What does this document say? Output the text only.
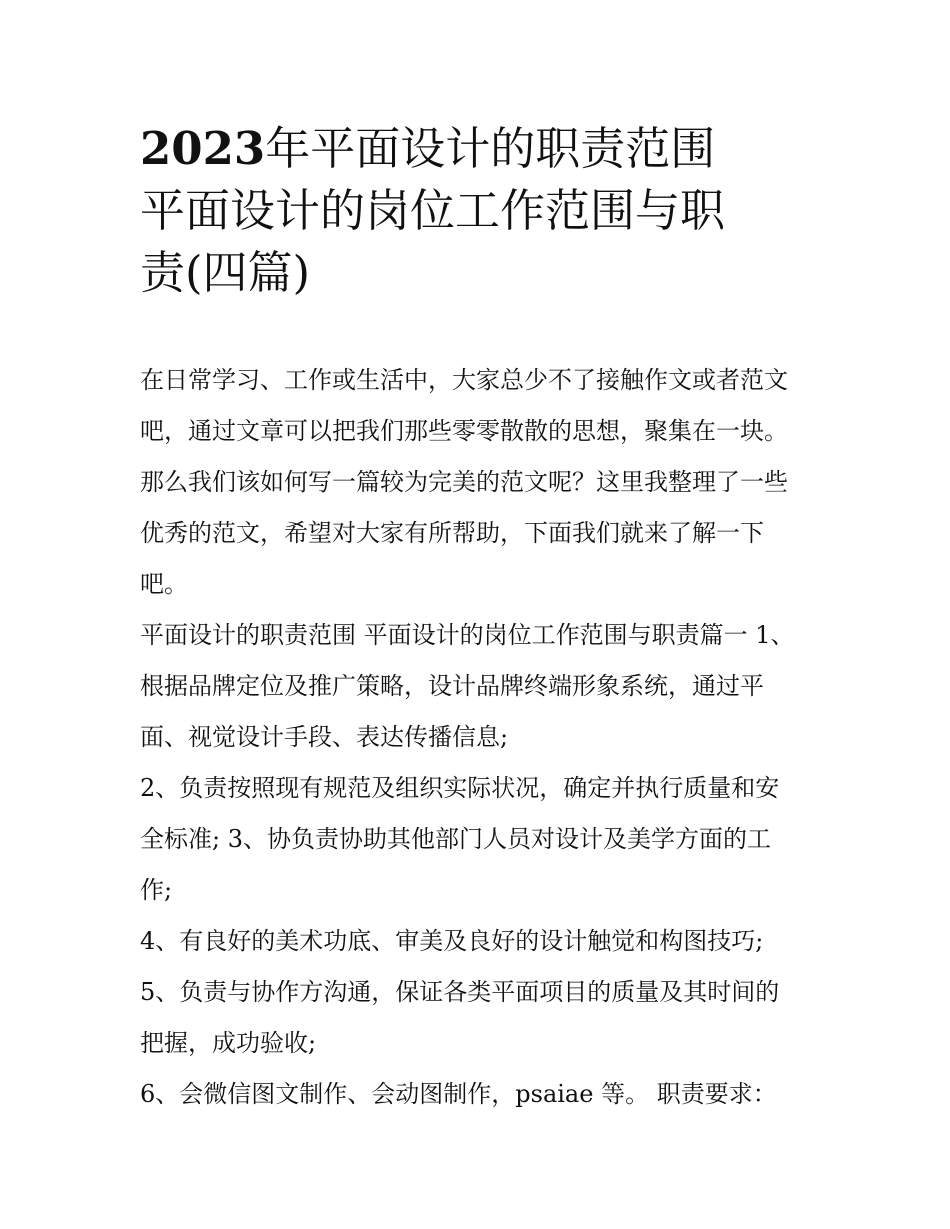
2023年平面设计的职责范围
平面设计的岗位工作范围与职
责(四篇)
在日常学习、工作或生活中，大家总少不了接触作文或者范文
吧，通过文章可以把我们那些零零散散的思想，聚集在一块。
那么我们该如何写一篇较为完美的范文呢？这里我整理了一些
优秀的范文，希望对大家有所帮助，下面我们就来了解一下
吧。
平面设计的职责范围 平面设计的岗位工作范围与职责篇一 1、
根据品牌定位及推广策略，设计品牌终端形象系统，通过平
面、视觉设计手段、表达传播信息;
2、负责按照现有规范及组织实际状况，确定并执行质量和安
全标准; 3、协负责协助其他部门人员对设计及美学方面的工
作;
4、有良好的美术功底、审美及良好的设计触觉和构图技巧;
5、负责与协作方沟通，保证各类平面项目的质量及其时间的
把握，成功验收;
6、会微信图文制作、会动图制作，psaiae 等。 职责要求：
